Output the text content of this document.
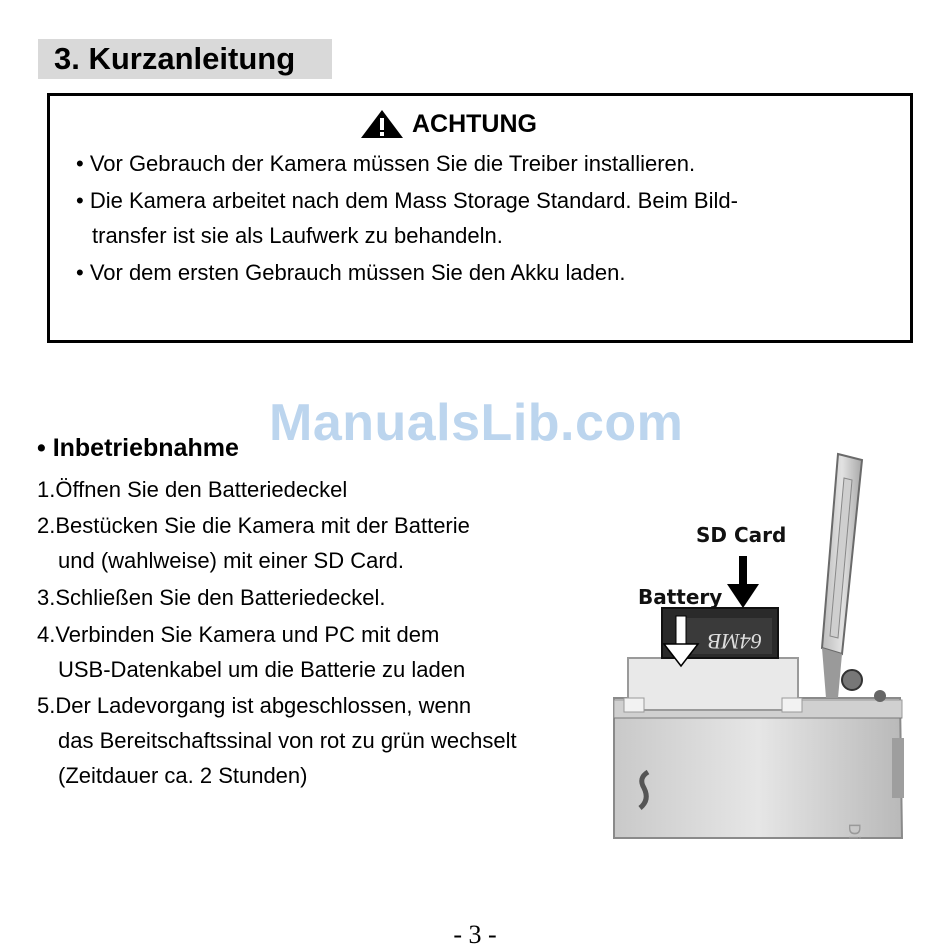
3. Kurzanleitung
ACHTUNG
• Vor Gebrauch der Kamera müssen Sie die Treiber installieren.
• Die Kamera arbeitet nach dem Mass Storage Standard. Beim Bild-
transfer ist sie als Laufwerk zu behandeln.
• Vor dem ersten Gebrauch müssen Sie den Akku laden.
ManualsLib.com
• Inbetriebnahme
1.Öffnen Sie den Batteriedeckel
2.Bestücken Sie die Kamera mit der Batterie
und (wahlweise) mit einer SD Card.
3.Schließen Sie den Batteriedeckel.
4.Verbinden Sie Kamera und PC mit dem
USB-Datenkabel um die Batterie zu laden
5.Der Ladevorgang ist abgeschlossen, wenn
das Bereitschaftssinal von rot zu grün wechselt
(Zeitdauer ca. 2 Stunden)
Digi
SD Card
Battery
64MB
- 3 -
